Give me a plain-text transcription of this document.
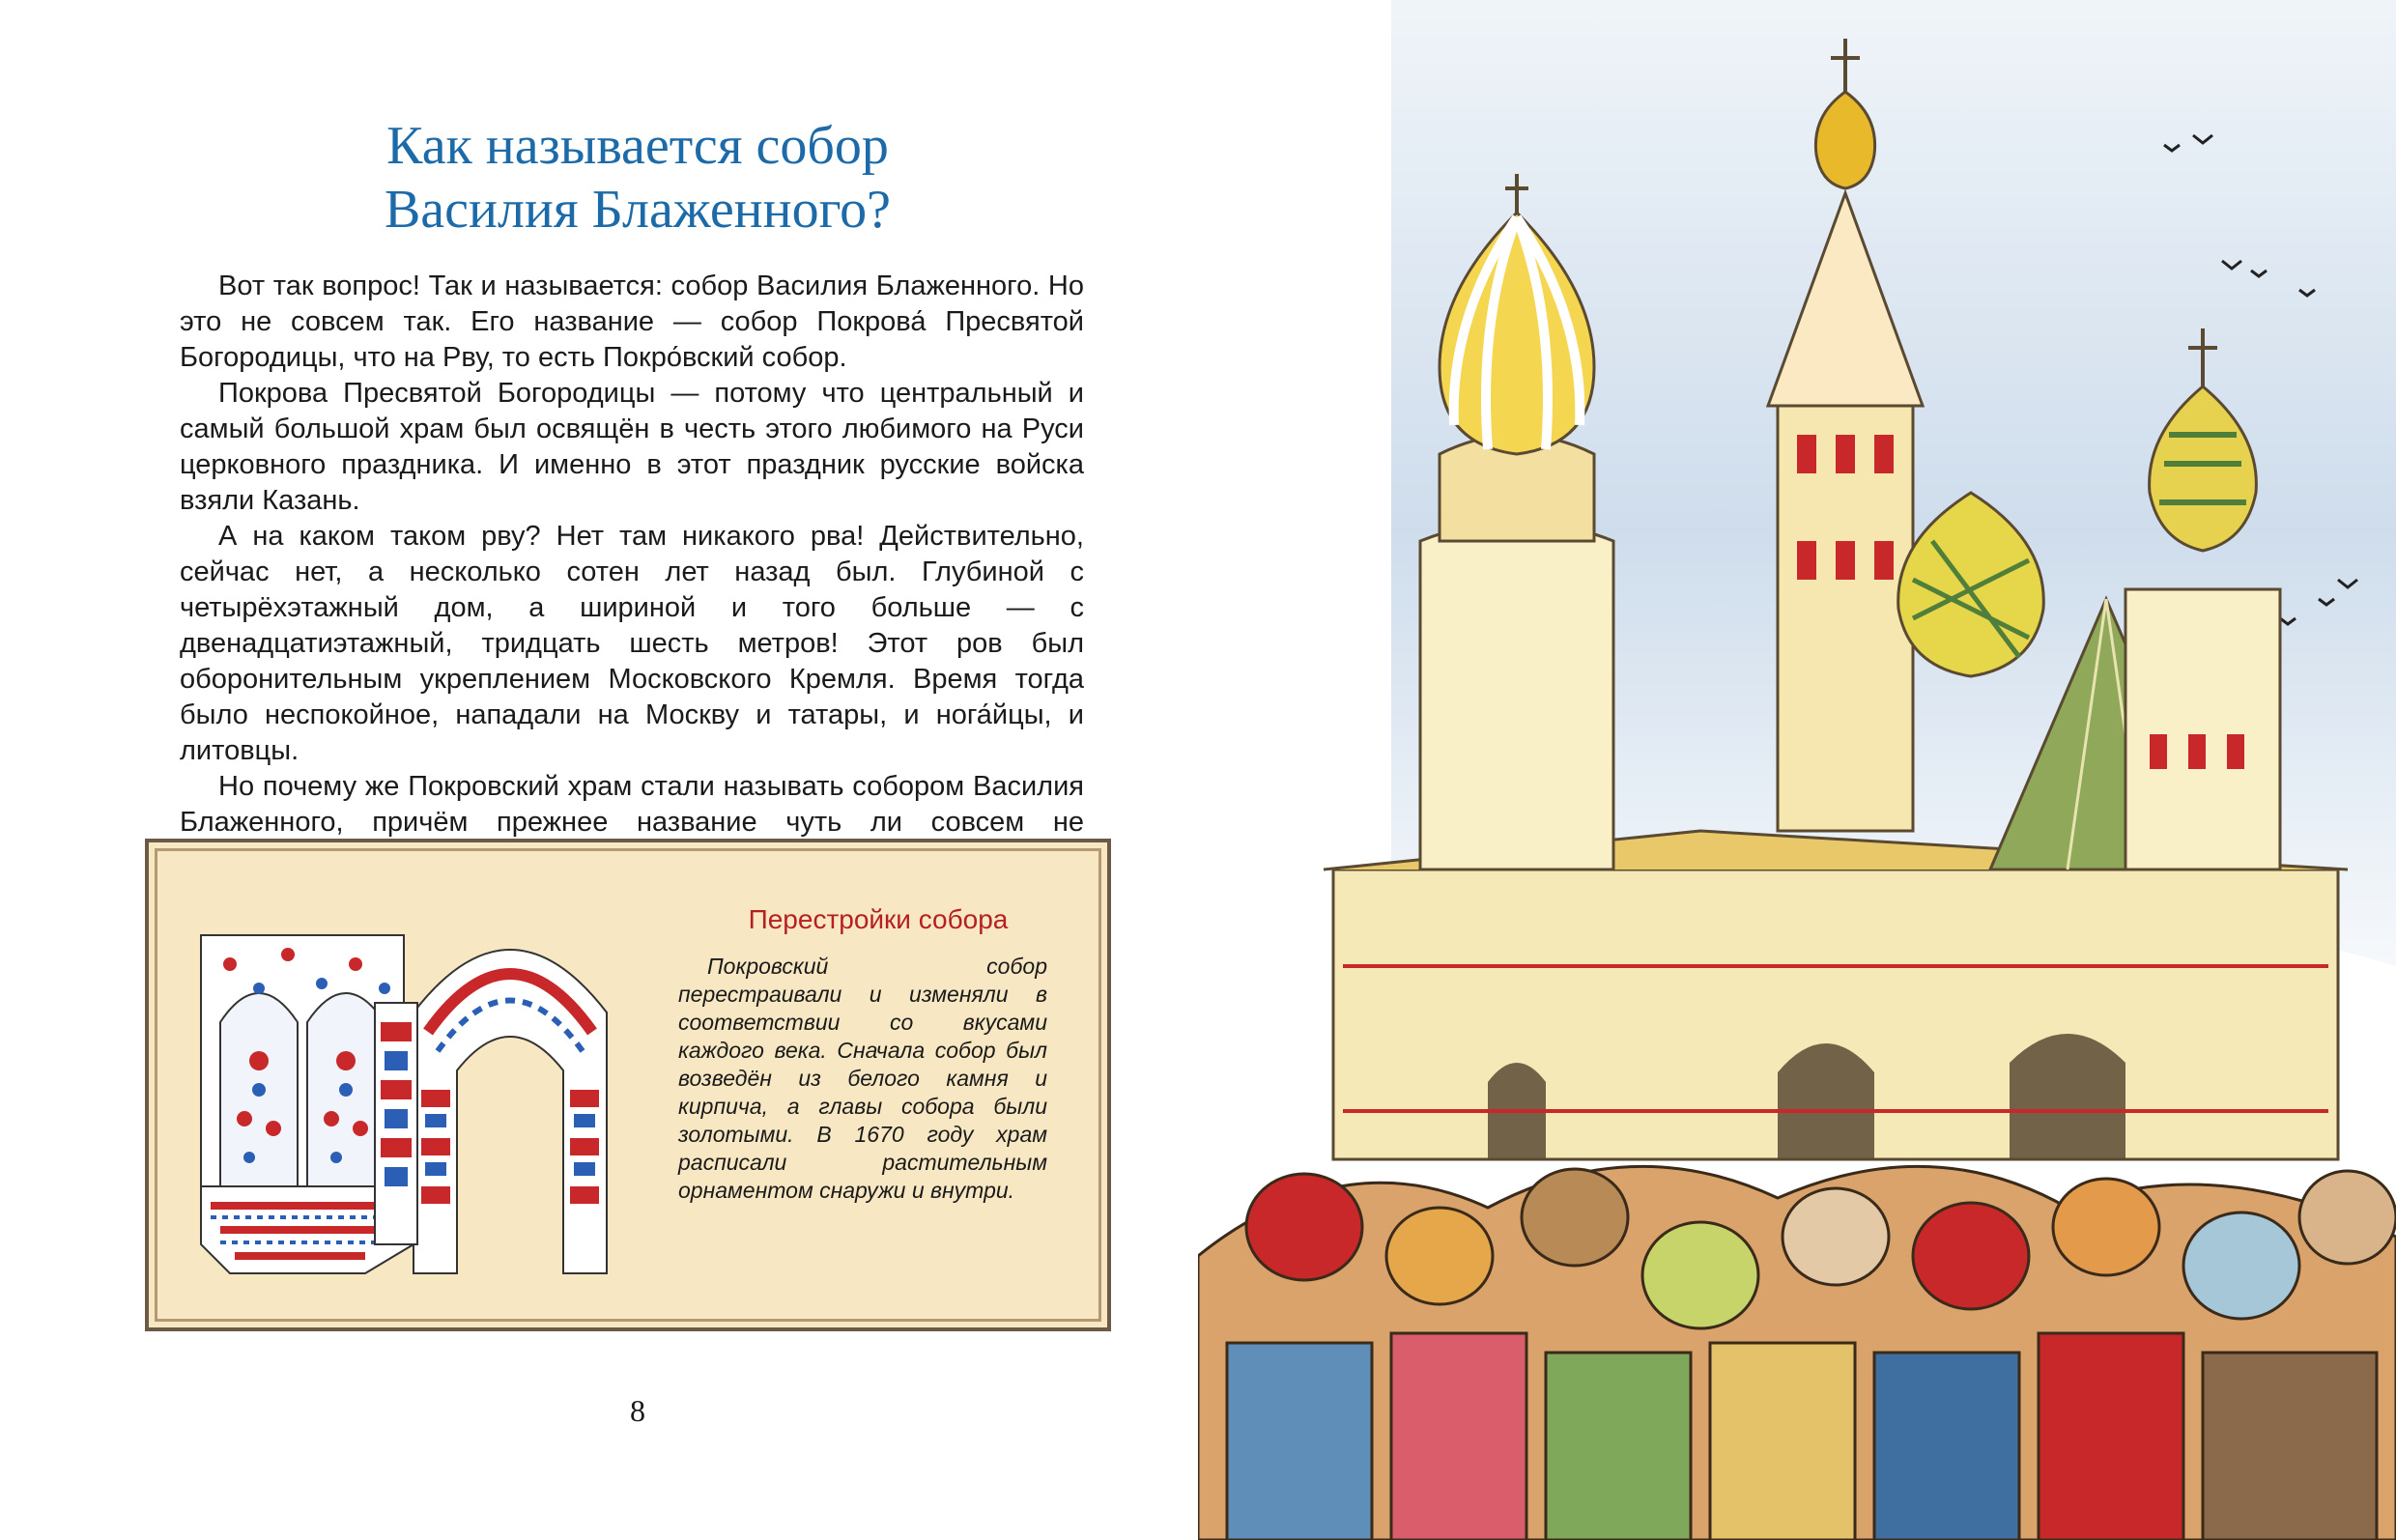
Как называется собор
Василия Блаженного?

Вот так вопрос! Так и называется: собор Василия Блаженного. Но это не совсем так. Его название — собор Покрова́ Пресвятой Богородицы, что на Рву, то есть Покро́вский собор.

Покрова Пресвятой Богородицы — потому что центральный и самый большой храм был освящён в честь этого любимого на Руси церковного праздника. И именно в этот праздник русские войска взяли Казань.

А на каком таком рву? Нет там никакого рва! Действительно, сейчас нет, а несколько сотен лет назад был. Глубиной с четырёхэтажный дом, а шириной и того больше — с двенадцатиэтажный, тридцать шесть метров! Этот ров был оборонительным укреплением Московского Кремля. Время тогда было неспокойное, нападали на Москву и татары, и нога́йцы, и литовцы.

Но почему же Покровский храм стали называть собором Василия Блаженного, причём прежнее название чуть ли совсем не

Перестройки собора

Покровский собор перестраивали и изменяли в соответствии со вкусами каждого века. Сначала собор был возведён из белого камня и кирпича, а главы собора были золотыми. В 1670 году храм расписали растительным орнаментом снаружи и внутри.

8
